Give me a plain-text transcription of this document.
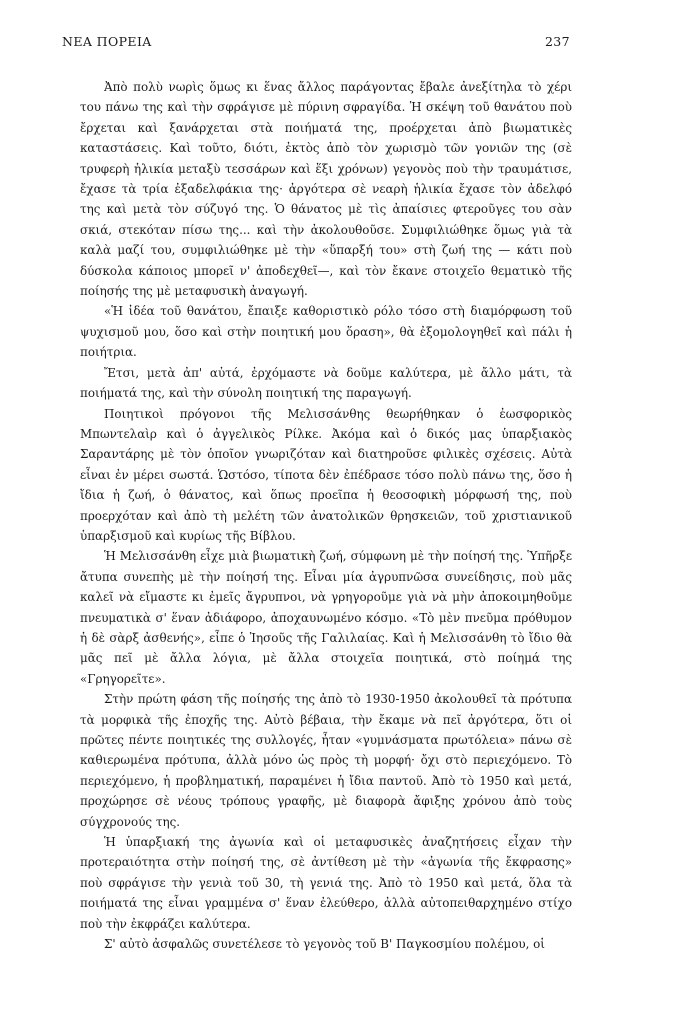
ΝΕΑ ΠΟΡΕΙΑ	237

Ἀπὸ πολὺ νωρὶς ὅμως κι ἕνας ἄλλος παράγοντας ἔβαλε ἀνεξίτηλα τὸ χέρι του πάνω της καὶ τὴν σφράγισε μὲ πύρινη σφραγίδα. Ἡ σκέψη τοῦ θανάτου ποὺ ἔρχεται καὶ ξανάρχεται στὰ ποιήματά της, προέρχεται ἀπὸ βιωματικὲς καταστάσεις. Καὶ τοῦτο, διότι, ἐκτὸς ἀπὸ τὸν χωρισμὸ τῶν γονιῶν της (σὲ τρυφερὴ ἡλικία μεταξὺ τεσσάρων καὶ ἕξι χρόνων) γεγονὸς ποὺ τὴν τραυμάτισε, ἔχασε τὰ τρία ἐξαδελφάκια της· ἀργότερα σὲ νεαρὴ ἡλικία ἔχασε τὸν ἀδελφό της καὶ μετὰ τὸν σύζυγό της. Ὁ θάνατος μὲ τὶς ἀπαίσιες φτεροῦγες του σὰν σκιά, στεκόταν πίσω της... καὶ τὴν ἀκολουθοῦσε. Συμφιλιώθηκε ὅμως γιὰ τὰ καλὰ μαζί του, συμφιλιώθηκε μὲ τὴν «ὕπαρξή του» στὴ ζωή της — κάτι ποὺ δύσκολα κάποιος μπορεῖ ν' ἀποδεχθεῖ—, καὶ τὸν ἔκανε στοιχεῖο θεματικὸ τῆς ποίησής της μὲ μεταφυσικὴ ἀναγωγή.

«Ἡ ἰδέα τοῦ θανάτου, ἔπαιξε καθοριστικὸ ρόλο τόσο στὴ διαμόρφωση τοῦ ψυχισμοῦ μου, ὅσο καὶ στὴν ποιητική μου ὅραση», θὰ ἐξομολογηθεῖ καὶ πάλι ἡ ποιήτρια.

Ἔτσι, μετὰ ἀπ' αὐτά, ἐρχόμαστε νὰ δοῦμε καλύτερα, μὲ ἄλλο μάτι, τὰ ποιήματά της, καὶ τὴν σύνολη ποιητική της παραγωγή.

Ποιητικοὶ πρόγονοι τῆς Μελισσάνθης θεωρήθηκαν ὁ ἐωσφορικὸς Μπωντελαὶρ καὶ ὁ ἀγγελικὸς Ρίλκε. Ἀκόμα καὶ ὁ δικός μας ὑπαρξιακὸς Σαραντάρης μὲ τὸν ὁποῖον γνωριζόταν καὶ διατηροῦσε φιλικὲς σχέσεις. Αὐτὰ εἶναι ἐν μέρει σωστά. Ὡστόσο, τίποτα δὲν ἐπέδρασε τόσο πολὺ πάνω της, ὅσο ἡ ἴδια ἡ ζωή, ὁ θάνατος, καὶ ὅπως προεῖπα ἡ θεοσοφικὴ μόρφωσή της, ποὺ προερχόταν καὶ ἀπὸ τὴ μελέτη τῶν ἀνατολικῶν θρησκειῶν, τοῦ χριστιανικοῦ ὑπαρξισμοῦ καὶ κυρίως τῆς Βίβλου.

Ἡ Μελισσάνθη εἶχε μιὰ βιωματικὴ ζωή, σύμφωνη μὲ τὴν ποίησή της. Ὑπῆρξε ἄτυπα συνεπὴς μὲ τὴν ποίησή της. Εἶναι μία ἀγρυπνῶσα συνείδησις, ποὺ μᾶς καλεῖ νὰ εἴμαστε κι ἐμεῖς ἄγρυπνοι, νὰ γρηγοροῦμε γιὰ νὰ μὴν ἀποκοιμηθοῦμε πνευματικὰ σ' ἕναν ἀδιάφορο, ἀποχαυνωμένο κόσμο. «Τὸ μὲν πνεῦμα πρόθυμον ἡ δὲ σὰρξ ἀσθενής», εἶπε ὁ Ἰησοῦς τῆς Γαλιλαίας. Καὶ ἡ Μελισσάνθη τὸ ἴδιο θὰ μᾶς πεῖ μὲ ἄλλα λόγια, μὲ ἄλλα στοιχεῖα ποιητικά, στὸ ποίημά της «Γρηγορεῖτε».

Στὴν πρώτη φάση τῆς ποίησής της ἀπὸ τὸ 1930-1950 ἀκολουθεῖ τὰ πρότυπα τὰ μορφικὰ τῆς ἐποχῆς της. Αὐτὸ βέβαια, τὴν ἔκαμε νὰ πεῖ ἀργότερα, ὅτι οἱ πρῶτες πέντε ποιητικές της συλλογές, ἦταν «γυμνάσματα πρωτόλεια» πάνω σὲ καθιερωμένα πρότυπα, ἀλλὰ μόνο ὡς πρὸς τὴ μορφή· ὄχι στὸ περιεχόμενο. Τὸ περιεχόμενο, ἡ προβληματική, παραμένει ἡ ἴδια παντοῦ. Ἀπὸ τὸ 1950 καὶ μετά, προχώρησε σὲ νέους τρόπους γραφῆς, μὲ διαφορὰ ἄφιξης χρόνου ἀπὸ τοὺς σύγχρονούς της.

Ἡ ὑπαρξιακή της ἀγωνία καὶ οἱ μεταφυσικὲς ἀναζητήσεις εἶχαν τὴν προτεραιότητα στὴν ποίησή της, σὲ ἀντίθεση μὲ τὴν «ἀγωνία τῆς ἔκφρασης» ποὺ σφράγισε τὴν γενιὰ τοῦ 30, τὴ γενιά της. Ἀπὸ τὸ 1950 καὶ μετά, ὅλα τὰ ποιήματά της εἶναι γραμμένα σ' ἕναν ἐλεύθερο, ἀλλὰ αὐτοπειθαρχημένο στίχο ποὺ τὴν ἐκφράζει καλύτερα.

Σ' αὐτὸ ἀσφαλῶς συνετέλεσε τὸ γεγονὸς τοῦ Β' Παγκοσμίου πολέμου, οἱ
